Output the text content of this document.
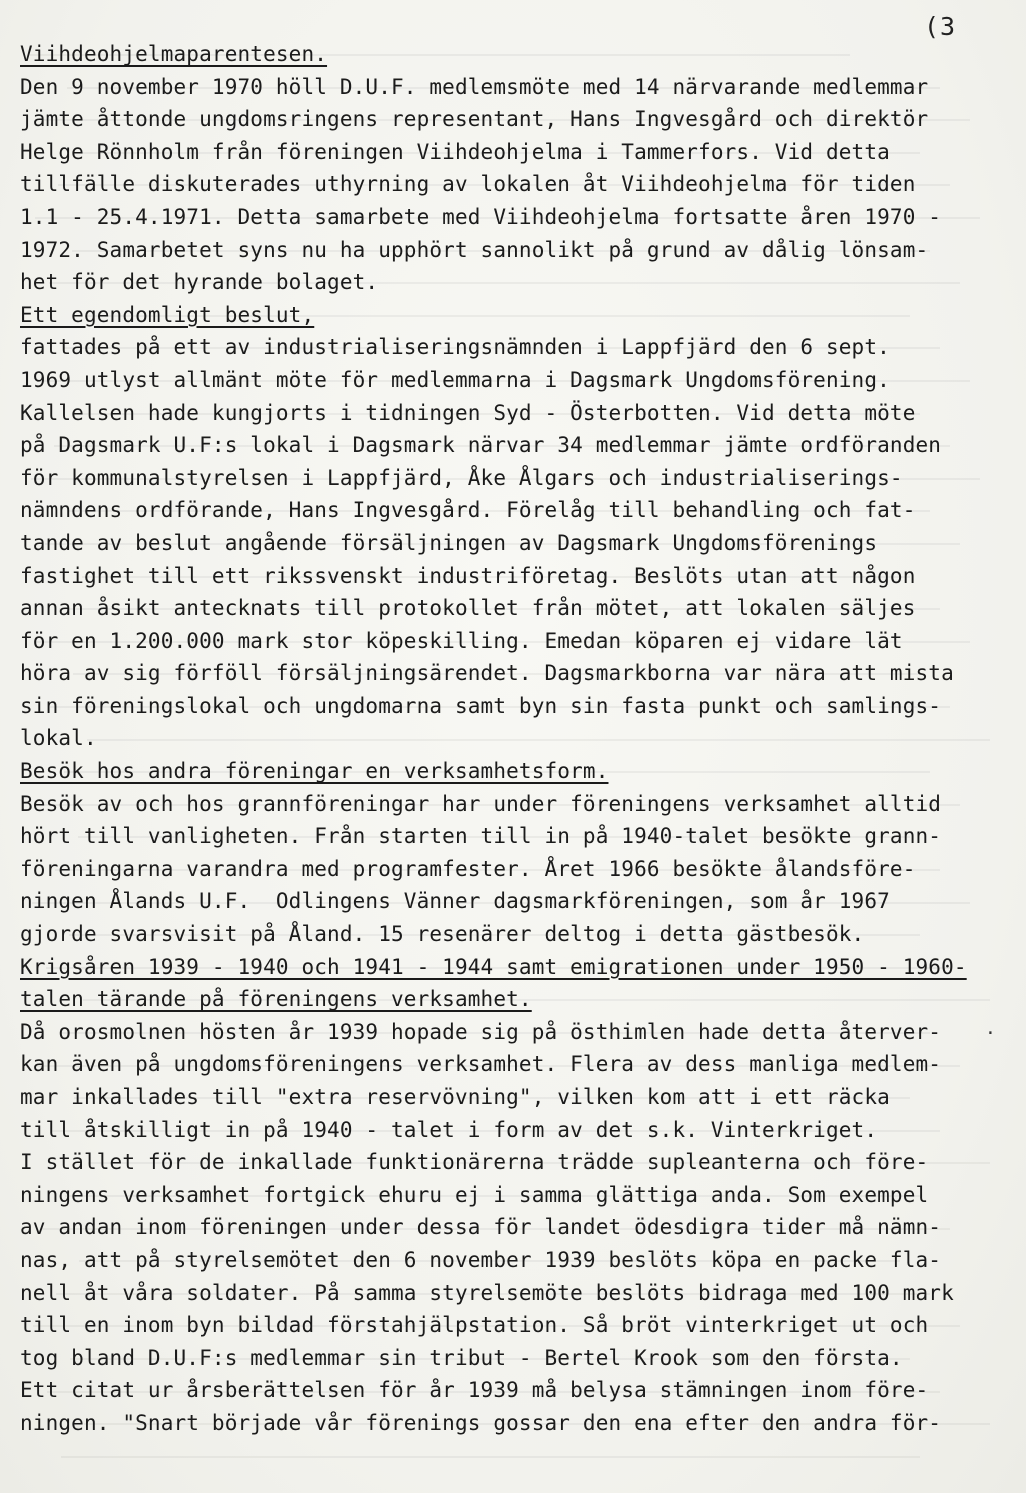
(3
Viihdeohjelmaparentesen.
Den 9 november 1970 höll D.U.F. medlemsmöte med 14 närvarande medlemmar
jämte åttonde ungdomsringens representant, Hans Ingvesgård och direktör
Helge Rönnholm från föreningen Viihdeohjelma i Tammerfors. Vid detta
tillfälle diskuterades uthyrning av lokalen åt Viihdeohjelma för tiden
1.1 - 25.4.1971. Detta samarbete med Viihdeohjelma fortsatte åren 1970 -
1972. Samarbetet syns nu ha upphört sannolikt på grund av dålig lönsam-
het för det hyrande bolaget.
Ett egendomligt beslut,
fattades på ett av industrialiseringsnämnden i Lappfjärd den 6 sept.
1969 utlyst allmänt möte för medlemmarna i Dagsmark Ungdomsförening.
Kallelsen hade kungjorts i tidningen Syd - Österbotten. Vid detta möte
på Dagsmark U.F:s lokal i Dagsmark närvar 34 medlemmar jämte ordföranden
för kommunalstyrelsen i Lappfjärd, Åke Ålgars och industrialiserings-
nämndens ordförande, Hans Ingvesgård. Förelåg till behandling och fat-
tande av beslut angående försäljningen av Dagsmark Ungdomsförenings
fastighet till ett rikssvenskt industriföretag. Beslöts utan att någon
annan åsikt antecknats till protokollet från mötet, att lokalen säljes
för en 1.200.000 mark stor köpeskilling. Emedan köparen ej vidare lät
höra av sig förföll försäljningsärendet. Dagsmarkborna var nära att mista
sin föreningslokal och ungdomarna samt byn sin fasta punkt och samlings-
lokal.
Besök hos andra föreningar en verksamhetsform.
Besök av och hos grannföreningar har under föreningens verksamhet alltid
hört till vanligheten. Från starten till in på 1940-talet besökte grann-
föreningarna varandra med programfester. Året 1966 besökte ålandsföre-
ningen Ålands U.F.  Odlingens Vänner dagsmarkföreningen, som år 1967
gjorde svarsvisit på Åland. 15 resenärer deltog i detta gästbesök.
Krigsåren 1939 - 1940 och 1941 - 1944 samt emigrationen under 1950 - 1960-
talen tärande på föreningens verksamhet.
Då orosmolnen hösten år 1939 hopade sig på östhimlen hade detta återver-
kan även på ungdomsföreningens verksamhet. Flera av dess manliga medlem-
mar inkallades till "extra reservövning", vilken kom att i ett räcka
till åtskilligt in på 1940 - talet i form av det s.k. Vinterkriget.
I stället för de inkallade funktionärerna trädde supleanterna och före-
ningens verksamhet fortgick ehuru ej i samma glättiga anda. Som exempel
av andan inom föreningen under dessa för landet ödesdigra tider må nämn-
nas, att på styrelsemötet den 6 november 1939 beslöts köpa en packe fla-
nell åt våra soldater. På samma styrelsemöte beslöts bidraga med 100 mark
till en inom byn bildad förstahjälpstation. Så bröt vinterkriget ut och
tog bland D.U.F:s medlemmar sin tribut - Bertel Krook som den första.
Ett citat ur årsberättelsen för år 1939 må belysa stämningen inom före-
ningen. "Snart började vår förenings gossar den ena efter den andra för-
·
